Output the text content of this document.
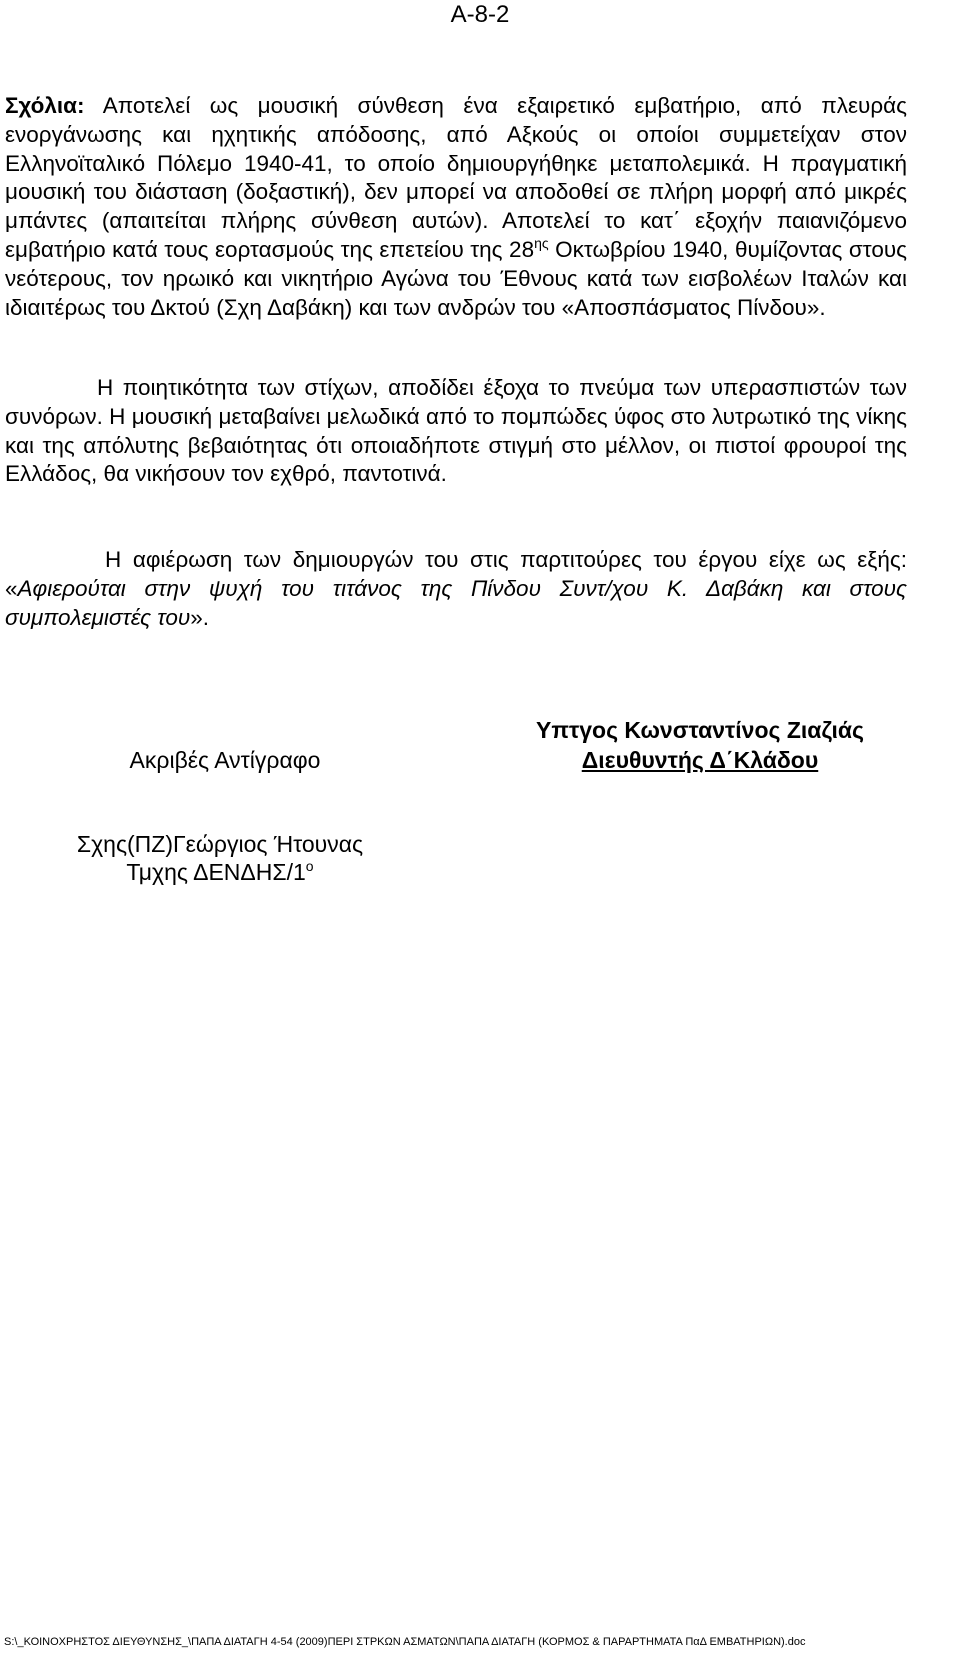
A-8-2

Σχόλια: Αποτελεί ως μουσική σύνθεση ένα εξαιρετικό εμβατήριο, από πλευράς ενοργάνωσης και ηχητικής απόδοσης, από Αξκούς οι οποίοι συμμετείχαν στον Ελληνοϊταλικό Πόλεμο 1940-41, το οποίο δημιουργήθηκε μεταπολεμικά. Η πραγματική μουσική του διάσταση (δοξαστική), δεν μπορεί να αποδοθεί σε πλήρη μορφή από μικρές μπάντες (απαιτείται πλήρης σύνθεση αυτών). Αποτελεί το κατ΄ εξοχήν παιανιζόμενο εμβατήριο κατά τους εορτασμούς της επετείου της $28^{\eta\varsigma}$ Οκτωβρίου 1940, θυμίζοντας στους νεότερους, τον ηρωικό και νικητήριο Αγώνα του Έθνους κατά των εισβολέων Ιταλών και ιδιαιτέρως του Δκτού (Σχη Δαβάκη) και των ανδρών του «Αποσπάσματος Πίνδου».

Η ποιητικότητα των στίχων, αποδίδει έξοχα το πνεύμα των υπερασπιστών των συνόρων. Η μουσική μεταβαίνει μελωδικά από το πομπώδες ύφος στο λυτρωτικό της νίκης και της απόλυτης βεβαιότητας ότι οποιαδήποτε στιγμή στο μέλλον, οι πιστοί φρουροί της Ελλάδος, θα νικήσουν τον εχθρό, παντοτινά.

Η αφιέρωση των δημιουργών του στις παρτιτούρες του έργου είχε ως εξής: «Αφιερούται στην ψυχή του τιτάνος της Πίνδου Συντ/χου Κ. Δαβάκη και στους συμπολεμιστές του».

Υπτγος Κωνσταντίνος Ζιαζιάς
Διευθυντής Δ΄Κλάδου
Ακριβές Αντίγραφο
Σχης(ΠΖ)Γεώργιος Ήτουνας
Τμχης ΔΕΝΔΗΣ/$1^o$
S:\_ΚΟΙΝΟΧΡΗΣΤΟΣ ΔΙΕΥΘΥΝΣΗΣ_\ΠΑΠΑ ΔΙΑΤΑΓΗ 4-54 (2009)ΠΕΡΙ ΣΤΡΚΩΝ ΑΣΜΑΤΩΝ\ΠΑΠΑ ΔΙΑΤΑΓΗ (ΚΟΡΜΟΣ & ΠΑΡΑΡΤΗΜΑΤΑ ΠαΔ ΕΜΒΑΤΗΡΙΩΝ).doc
